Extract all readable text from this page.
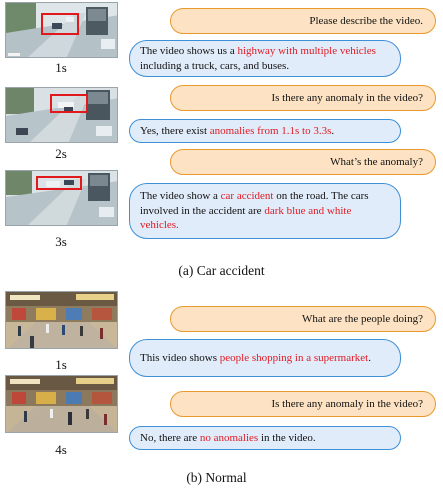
1s
2s
3s
Please describe the video.
The video shows us a highway with multiple vehicles including a truck, cars, and buses.
Is there any anomaly in the video?
Yes, there exist anomalies from 1.1s to 3.3s.
What’s the anomaly?
The video show a car accident on the road. The cars involved in the accident are dark blue and white vehicles.
(a) Car accident
1s
4s
What are the people doing?
This video shows people shopping in a supermarket.
Is there any anomaly in the video?
No, there are no anomalies in the video.
(b) Normal
